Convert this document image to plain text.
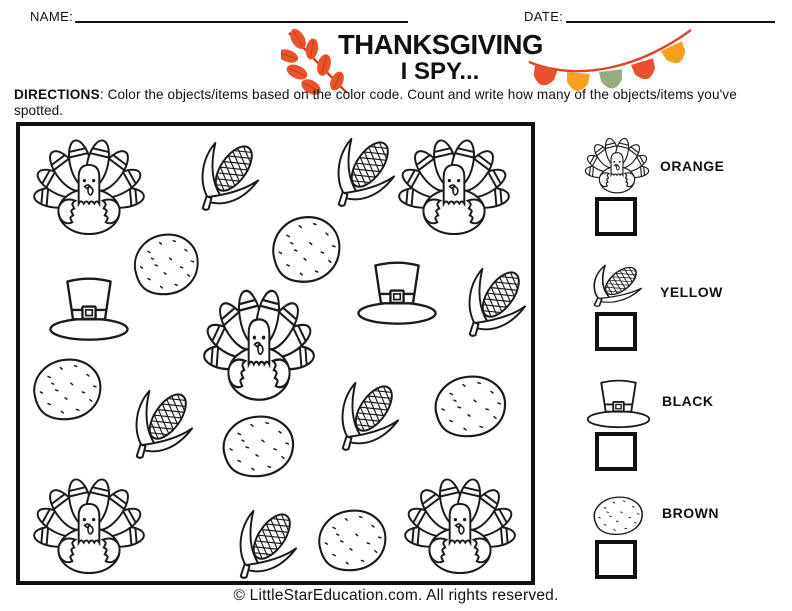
NAME:	DATE:
THANKSGIVING
I SPY...
DIRECTIONS: Color the objects/items based on the color code. Count and write how many of the objects/items you've spotted.
ORANGE
YELLOW
BLACK
BROWN
© LittleStarEducation.com. All rights reserved.
